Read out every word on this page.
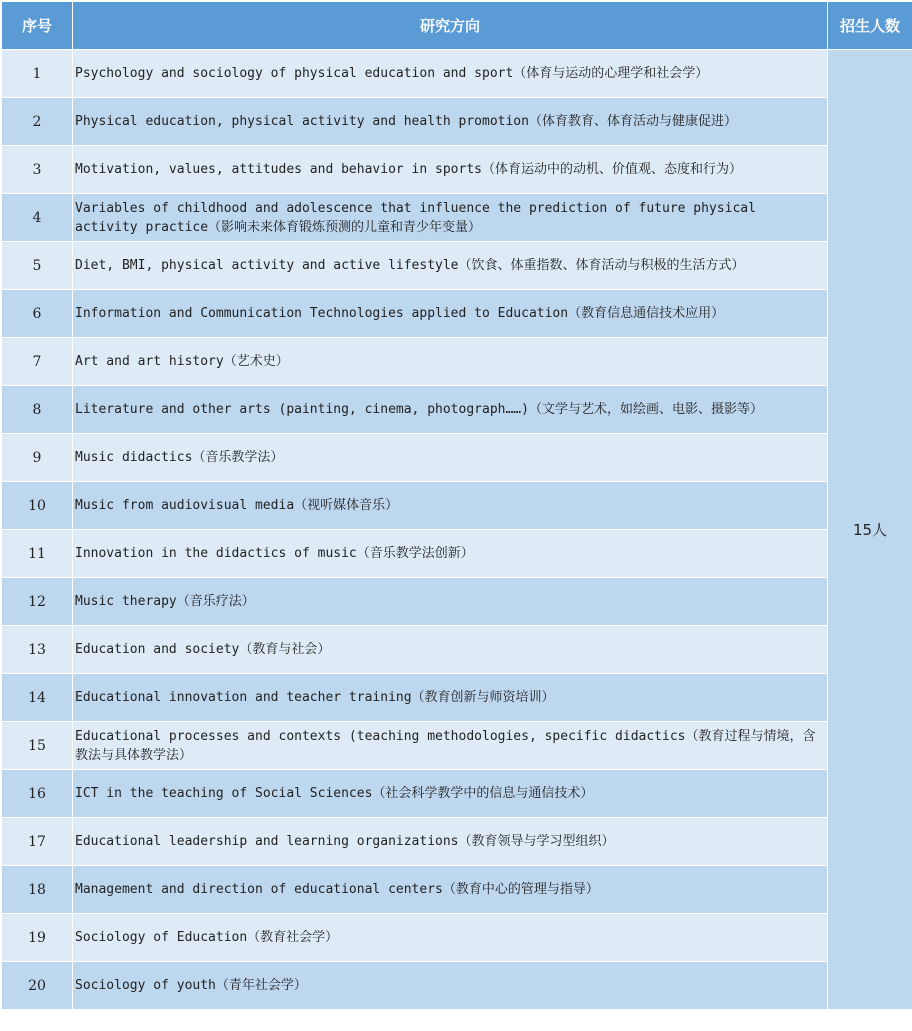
序号	研究方向	招生人数
1	Psychology and sociology of physical education and sport（体育与运动的心理学和社会学）	15人
2	Physical education, physical activity and health promotion（体育教育、体育活动与健康促进）	
3	Motivation, values, attitudes and behavior in sports（体育运动中的动机、价值观、态度和行为）	
4	Variables of childhood and adolescence that influence the prediction of future physical activity practice（影响未来体育锻炼预测的儿童和青少年变量）	
5	Diet, BMI, physical activity and active lifestyle（饮食、体重指数、体育活动与积极的生活方式）	
6	Information and Communication Technologies applied to Education（教育信息通信技术应用）	
7	Art and art history（艺术史）	
8	Literature and other arts (painting, cinema, photograph……)（文学与艺术，如绘画、电影、摄影等）	
9	Music didactics（音乐教学法）	
10	Music from audiovisual media（视听媒体音乐）	
11	Innovation in the didactics of music（音乐教学法创新）	
12	Music therapy（音乐疗法）	
13	Education and society（教育与社会）	
14	Educational innovation and teacher training（教育创新与师资培训）	
15	Educational processes and contexts (teaching methodologies, specific didactics（教育过程与情境，含教法与具体教学法）	
16	ICT in the teaching of Social Sciences（社会科学教学中的信息与通信技术）	
17	Educational leadership and learning organizations（教育领导与学习型组织）	
18	Management and direction of educational centers（教育中心的管理与指导）	
19	Sociology of Education（教育社会学）	
20	Sociology of youth（青年社会学）	
